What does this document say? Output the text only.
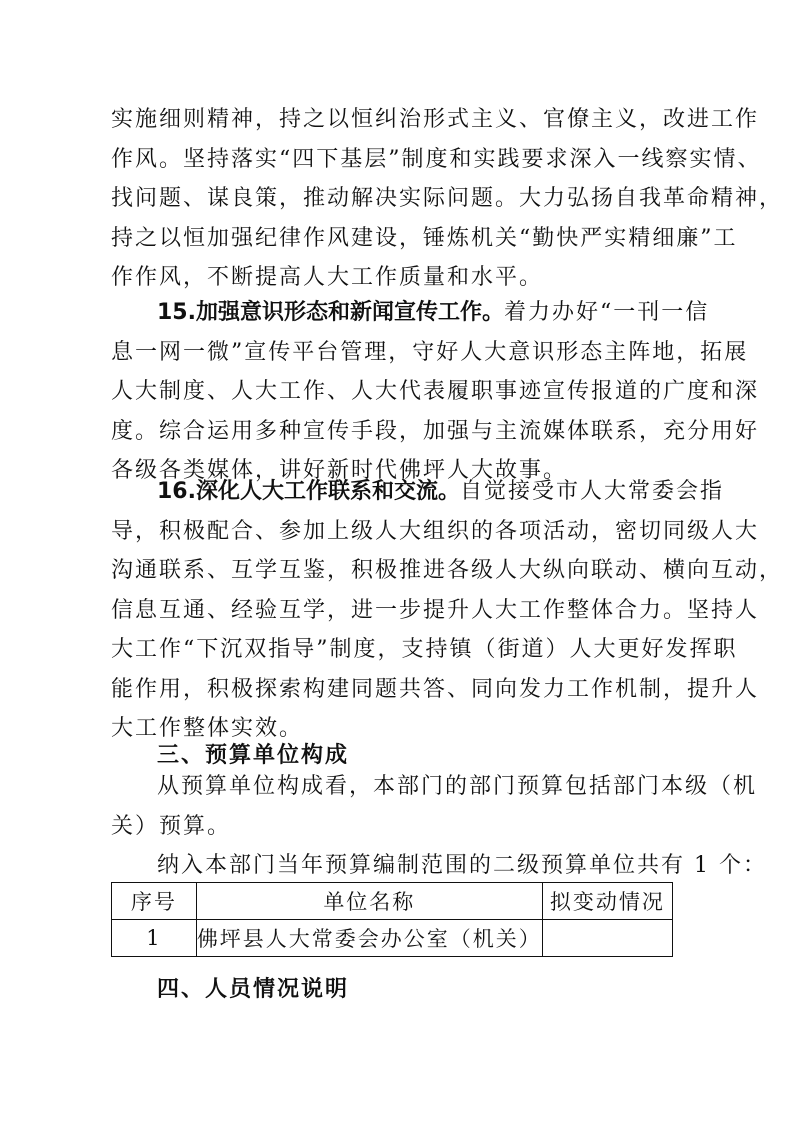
实施细则精神，持之以恒纠治形式主义、官僚主义，改进工作

作风。坚持落实“四下基层”制度和实践要求深入一线察实情、

找问题、谋良策，推动解决实际问题。大力弘扬自我革命精神，

持之以恒加强纪律作风建设，锤炼机关“勤快严实精细廉”工

作作风，不断提高人大工作质量和水平。

15.加强意识形态和新闻宣传工作。着力办好“一刊一信

息一网一微”宣传平台管理，守好人大意识形态主阵地，拓展

人大制度、人大工作、人大代表履职事迹宣传报道的广度和深

度。综合运用多种宣传手段，加强与主流媒体联系，充分用好

各级各类媒体，讲好新时代佛坪人大故事。

16.深化人大工作联系和交流。自觉接受市人大常委会指

导，积极配合、参加上级人大组织的各项活动，密切同级人大

沟通联系、互学互鉴，积极推进各级人大纵向联动、横向互动，

信息互通、经验互学，进一步提升人大工作整体合力。坚持人

大工作“下沉双指导”制度，支持镇（街道）人大更好发挥职

能作用，积极探索构建同题共答、同向发力工作机制，提升人

大工作整体实效。

三、预算单位构成

从预算单位构成看，本部门的部门预算包括部门本级（机

关）预算。

纳入本部门当年预算编制范围的二级预算单位共有 1 个：

序号	单位名称	拟变动情况
1	佛坪县人大常委会办公室（机关）	
四、人员情况说明
